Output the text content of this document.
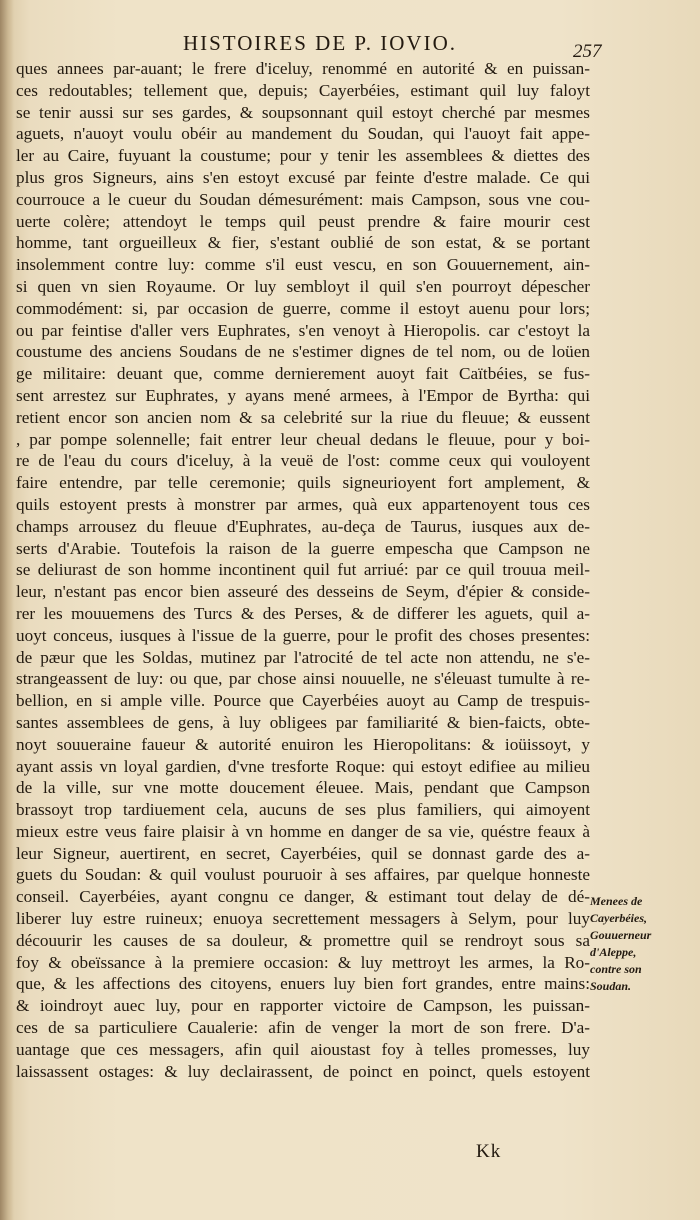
HISTOIRES DE P. IOVIO.	257
ques annees par-auant; le frere d'iceluy, renommé en autorité & en puissan-
ces redoutables; tellement que, depuis; Cayerbéies, estimant quil luy faloyt
se tenir aussi sur ses gardes, & soupsonnant quil estoyt cherché par mesmes
aguets, n'auoyt voulu obéir au mandement du Soudan, qui l'auoyt fait appe-
ler au Caire, fuyuant la coustume; pour y tenir les assemblees & diettes des
plus gros Signeurs, ains s'en estoyt excusé par feinte d'estre malade. Ce qui
courrouce a le cueur du Soudan démesurément: mais Campson, sous vne cou-
uerte colère; attendoyt le temps quil peust prendre & faire mourir cest
homme, tant orgueilleux & fier, s'estant oublié de son estat, & se portant
insolemment contre luy: comme s'il eust vescu, en son Gouuernement, ain-
si quen vn sien Royaume. Or luy sembloyt il quil s'en pourroyt dépescher
commodément: si, par occasion de guerre, comme il estoyt auenu pour lors;
ou par feintise d'aller vers Euphrates, s'en venoyt à Hieropolis. car c'estoyt la
coustume des anciens Soudans de ne s'estimer dignes de tel nom, ou de loüen
ge militaire: deuant que, comme dernierement auoyt fait Caïtbéies, se fus-
sent arrestez sur Euphrates, y ayans mené armees, à l'Empor de Byrtha: qui
retient encor son ancien nom & sa celebrité sur la riue du fleuue; & eussent
, par pompe solennelle; fait entrer leur cheual dedans le fleuue, pour y boi-
re de l'eau du cours d'iceluy, à la veuë de l'ost: comme ceux qui vouloyent
faire entendre, par telle ceremonie; quils signeurioyent fort amplement, &
quils estoyent prests à monstrer par armes, quà eux appartenoyent tous ces
champs arrousez du fleuue d'Euphrates, au-deça de Taurus, iusques aux de-
serts d'Arabie. Toutefois la raison de la guerre empescha que Campson ne
se deliurast de son homme incontinent quil fut arriué: par ce quil trouua meil-
leur, n'estant pas encor bien asseuré des desseins de Seym, d'épier & conside-
rer les mouuemens des Turcs & des Perses, & de differer les aguets, quil a-
uoyt conceus, iusques à l'issue de la guerre, pour le profit des choses presentes:
de pæur que les Soldas, mutinez par l'atrocité de tel acte non attendu, ne s'e-
strangeassent de luy: ou que, par chose ainsi nouuelle, ne s'éleuast tumulte à re-
bellion, en si ample ville. Pource que Cayerbéies auoyt au Camp de trespuis-
santes assemblees de gens, à luy obligees par familiarité & bien-faicts, obte-
noyt souueraine faueur & autorité enuiron les Hieropolitans: & ioüissoyt, y
ayant assis vn loyal gardien, d'vne tresforte Roque: qui estoyt edifiee au milieu
de la ville, sur vne motte doucement éleuee. Mais, pendant que Campson
brassoyt trop tardiuement cela, aucuns de ses plus familiers, qui aimoyent
mieux estre veus faire plaisir à vn homme en danger de sa vie, quéstre feaux à
leur Signeur, auertirent, en secret, Cayerbéies, quil se donnast garde des a-
guets du Soudan: & quil voulust pouruoir à ses affaires, par quelque honneste
conseil. Cayerbéies, ayant congnu ce danger, & estimant tout delay de dé-
liberer luy estre ruineux; enuoya secrettement messagers à Selym, pour luy
découurir les causes de sa douleur, & promettre quil se rendroyt sous sa
foy & obeïssance à la premiere occasion: & luy mettroyt les armes, la Ro-
que, & les affections des citoyens, enuers luy bien fort grandes, entre mains:
& ioindroyt auec luy, pour en rapporter victoire de Campson, les puissan-
ces de sa particuliere Caualerie: afin de venger la mort de son frere. D'a-
uantage que ces messagers, afin quil aioustast foy à telles promesses, luy
laissassent ostages: & luy declairassent, de poinct en poinct, quels estoyent
Menees de
Cayerbéies,
Gouuerneur
d'Aleppe,
contre son
Soudan.
Kk
